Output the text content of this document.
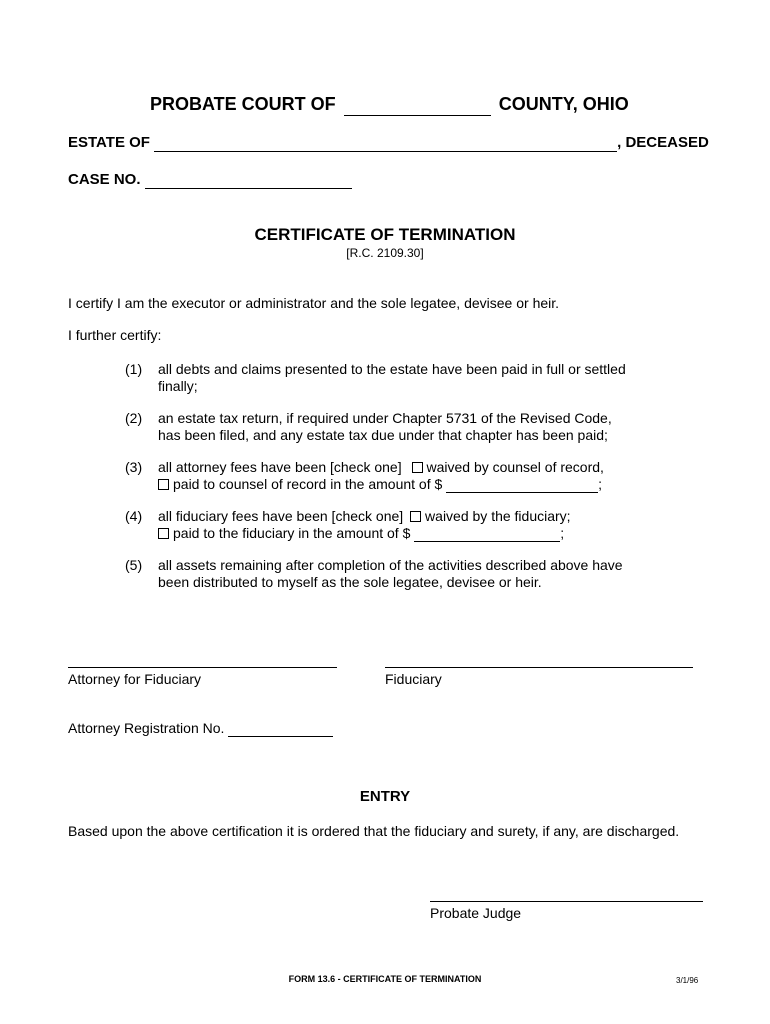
PROBATE COURT OF	COUNTY, OHIO
ESTATE OF	, DECEASED
CASE NO.
CERTIFICATE OF TERMINATION
[R.C. 2109.30]
I certify I am the executor or administrator and the sole legatee, devisee or heir.
I further certify:
(1) all debts and claims presented to the estate have been paid in full or settled
finally;
(2) an estate tax return, if required under Chapter 5731 of the Revised Code,
has been filed, and any estate tax due under that chapter has been paid;
(3) all attorney fees have been [check one] waived by counsel of record,
paid to counsel of record in the amount of $	;
(4) all fiduciary fees have been [check one] waived by the fiduciary;
paid to the fiduciary in the amount of $	;
(5) all assets remaining after completion of the activities described above have
been distributed to myself as the sole legatee, devisee or heir.
Attorney for Fiduciary	Fiduciary
Attorney Registration No.
ENTRY
Based upon the above certification it is ordered that the fiduciary and surety, if any, are discharged.
Probate Judge
FORM 13.6 - CERTIFICATE OF TERMINATION	3/1/96
